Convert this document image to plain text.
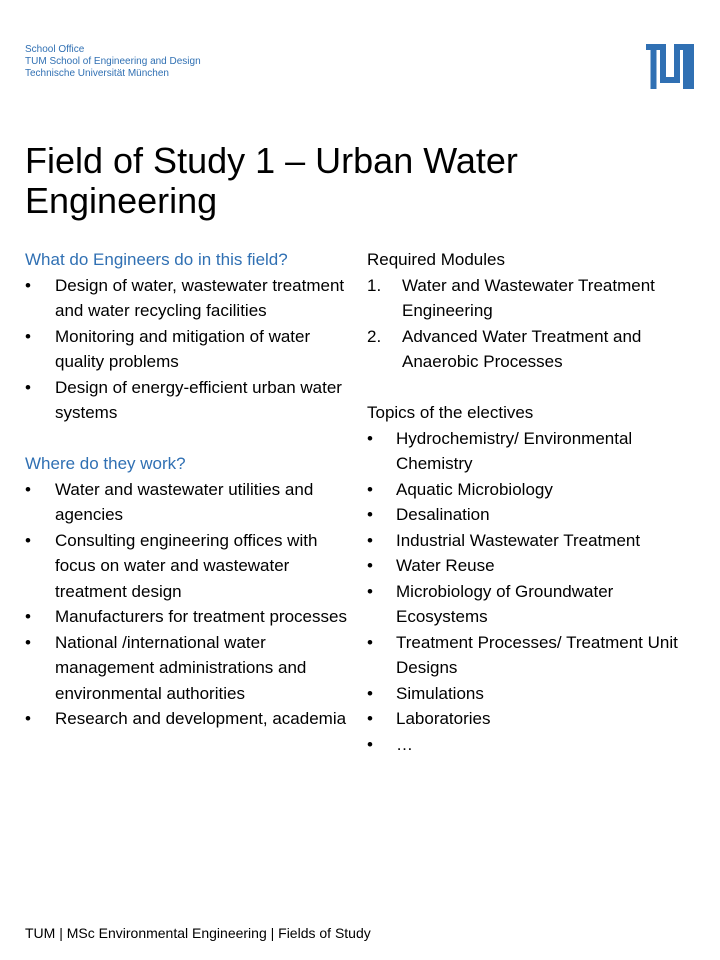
School Office
TUM School of Engineering and Design
Technische Universität München
Field of Study 1 – Urban Water
Engineering
What do Engineers do in this field?
•	Design of water, wastewater treatment and water recycling facilities
•	Monitoring and mitigation of water quality problems
•	Design of energy-efficient urban water systems
Where do they work?
•	Water and wastewater utilities and agencies
•	Consulting engineering offices with focus on water and wastewater treatment design
•	Manufacturers for treatment processes
•	National /international water management administrations and environmental authorities
•	Research and development, academia
Required Modules
1.	Water and Wastewater Treatment Engineering
2.	Advanced Water Treatment and Anaerobic Processes
Topics of the electives
•	Hydrochemistry/ Environmental Chemistry
•	Aquatic Microbiology
•	Desalination
•	Industrial Wastewater Treatment
•	Water Reuse
•	Microbiology of Groundwater Ecosystems
•	Treatment Processes/ Treatment Unit Designs
•	Simulations
•	Laboratories
•	…
TUM | MSc Environmental Engineering | Fields of Study
